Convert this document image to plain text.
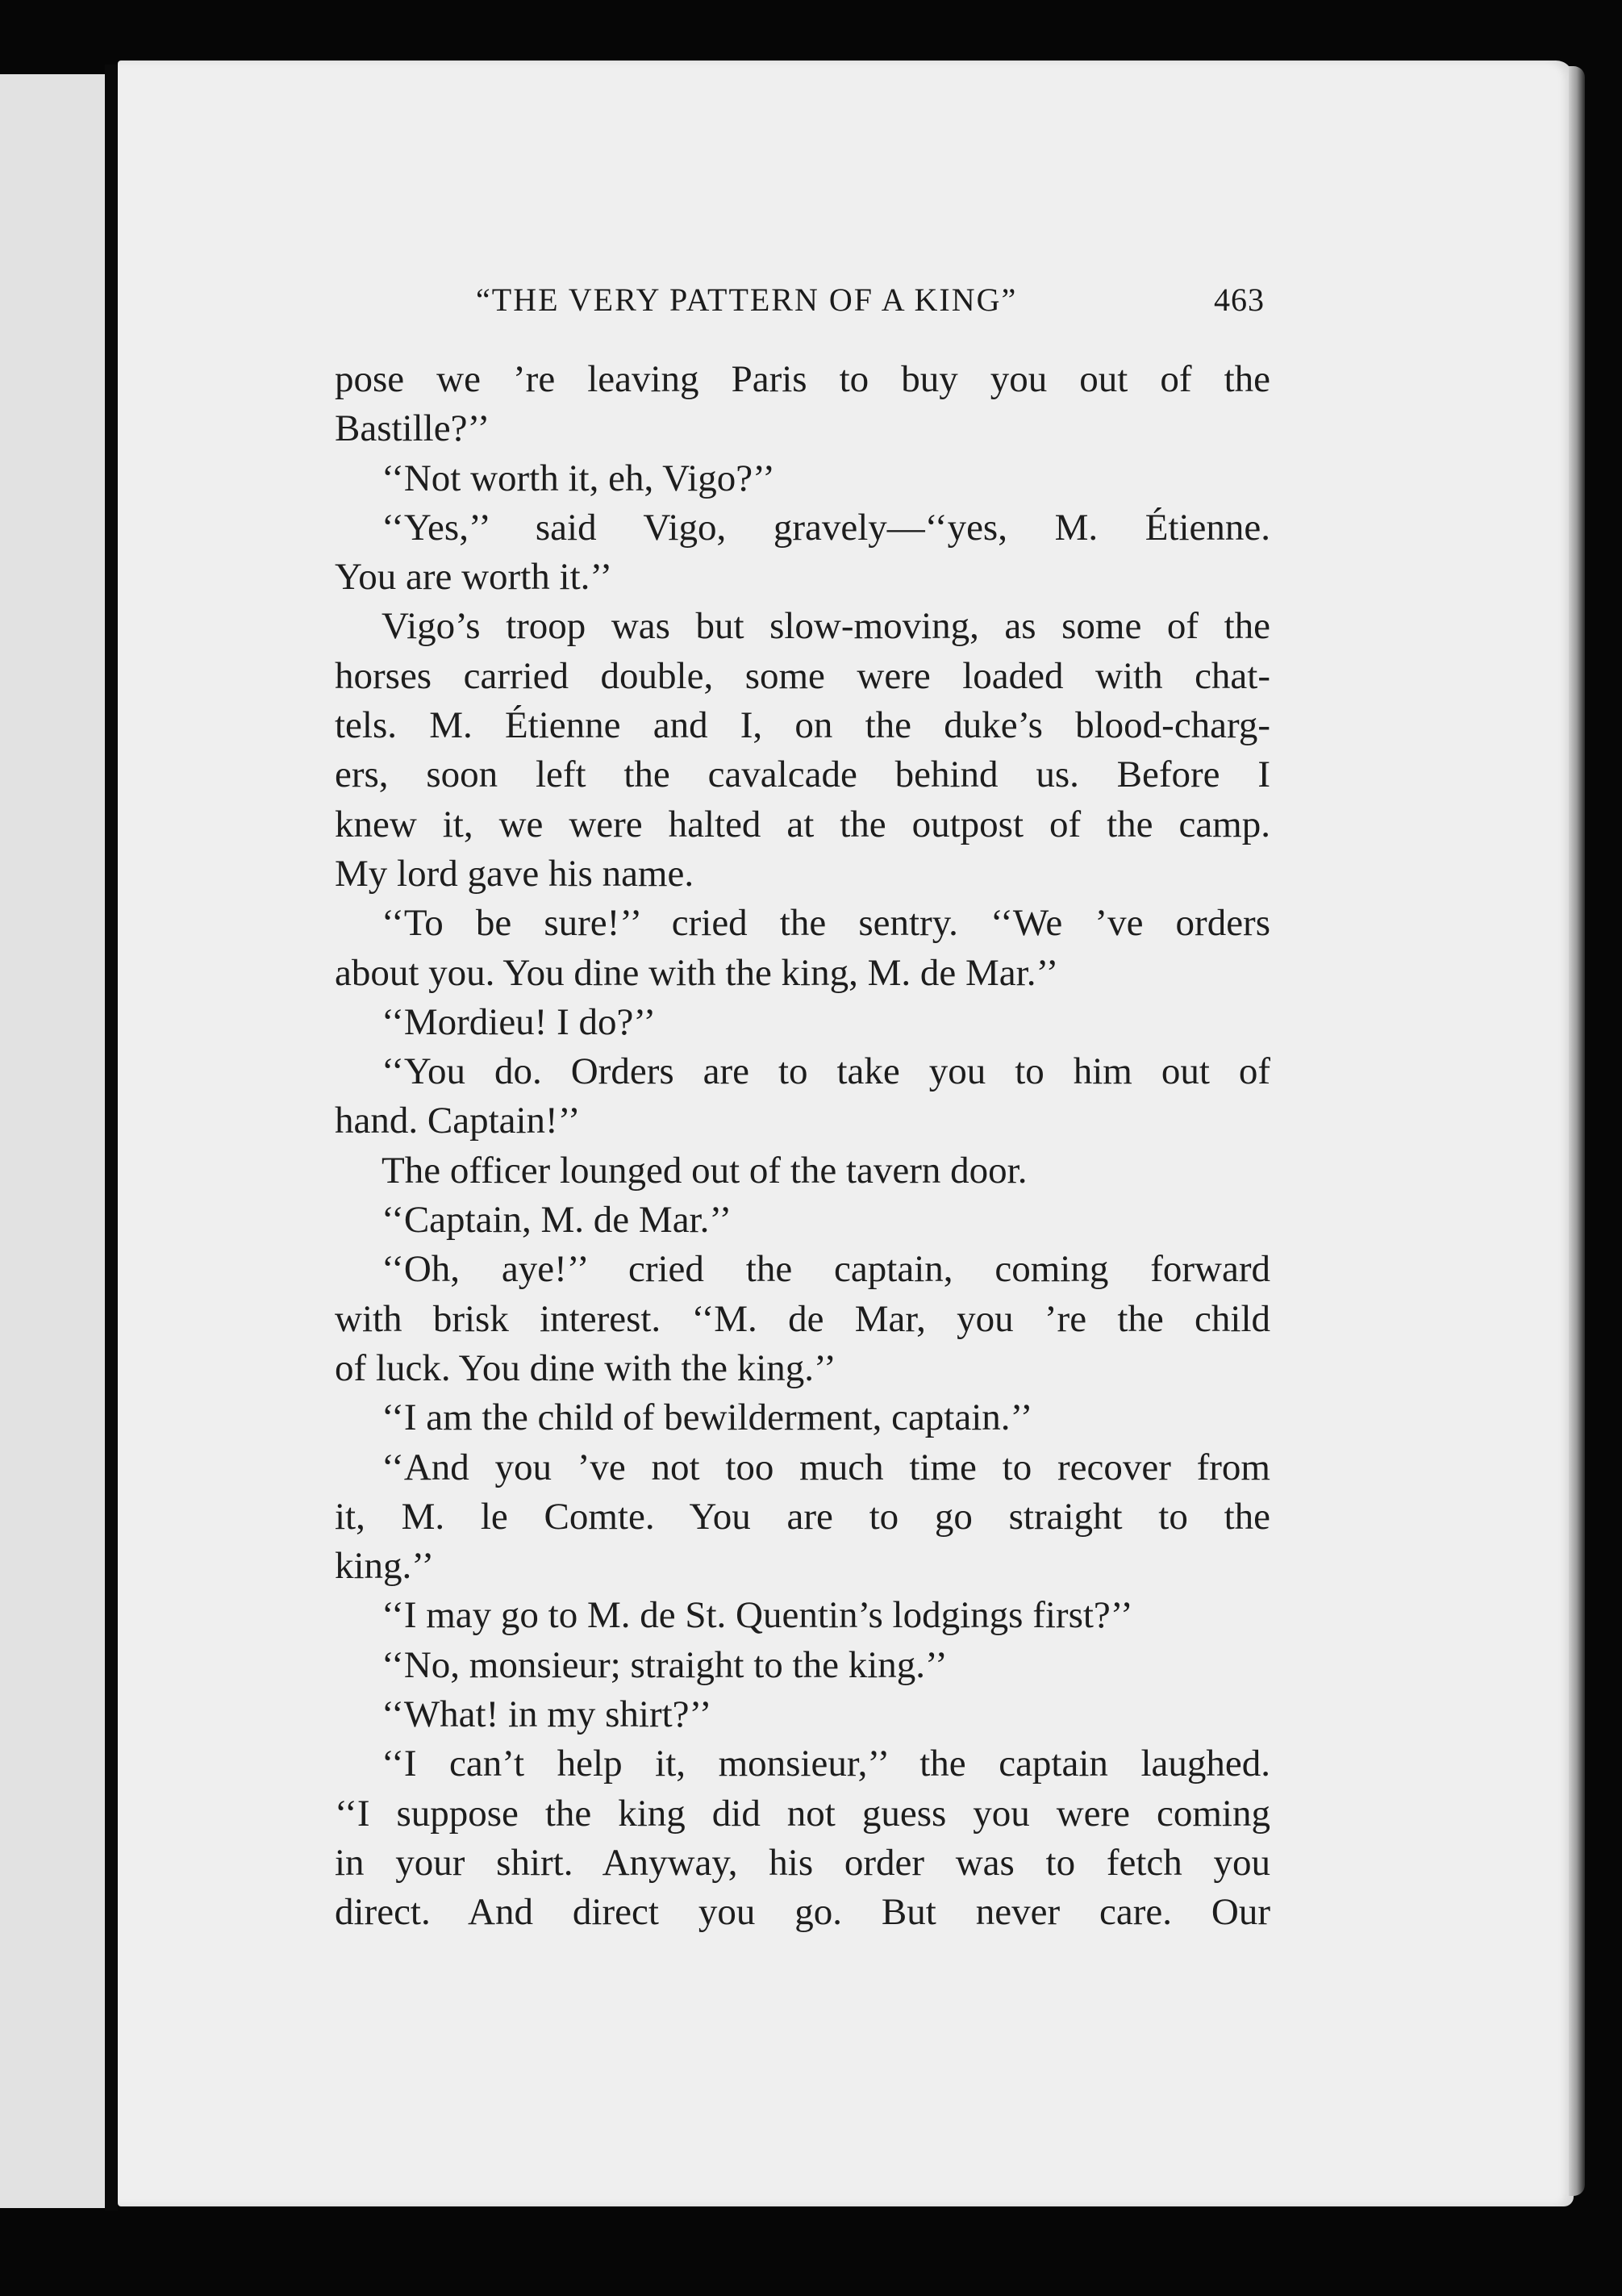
“THE VERY PATTERN OF A KING”	463
pose we ’re leaving Paris to buy you out of the
Bastille?’’
‘‘Not worth it, eh, Vigo?’’
‘‘Yes,’’ said Vigo, gravely—‘‘yes, M. Étienne.
You are worth it.’’
Vigo’s troop was but slow-moving, as some of the
horses carried double, some were loaded with chat-
tels. M. Étienne and I, on the duke’s blood-charg-
ers, soon left the cavalcade behind us. Before I
knew it, we were halted at the outpost of the camp.
My lord gave his name.
‘‘To be sure!’’ cried the sentry. ‘‘We ’ve orders
about you. You dine with the king, M. de Mar.’’
‘‘Mordieu! I do?’’
‘‘You do. Orders are to take you to him out of
hand. Captain!’’
The officer lounged out of the tavern door.
‘‘Captain, M. de Mar.’’
‘‘Oh, aye!’’ cried the captain, coming forward
with brisk interest. ‘‘M. de Mar, you ’re the child
of luck. You dine with the king.’’
‘‘I am the child of bewilderment, captain.’’
‘‘And you ’ve not too much time to recover from
it, M. le Comte. You are to go straight to the
king.’’
‘‘I may go to M. de St. Quentin’s lodgings first?’’
‘‘No, monsieur; straight to the king.’’
‘‘What! in my shirt?’’
‘‘I can’t help it, monsieur,’’ the captain laughed.
‘‘I suppose the king did not guess you were coming
in your shirt. Anyway, his order was to fetch you
direct. And direct you go. But never care. Our
